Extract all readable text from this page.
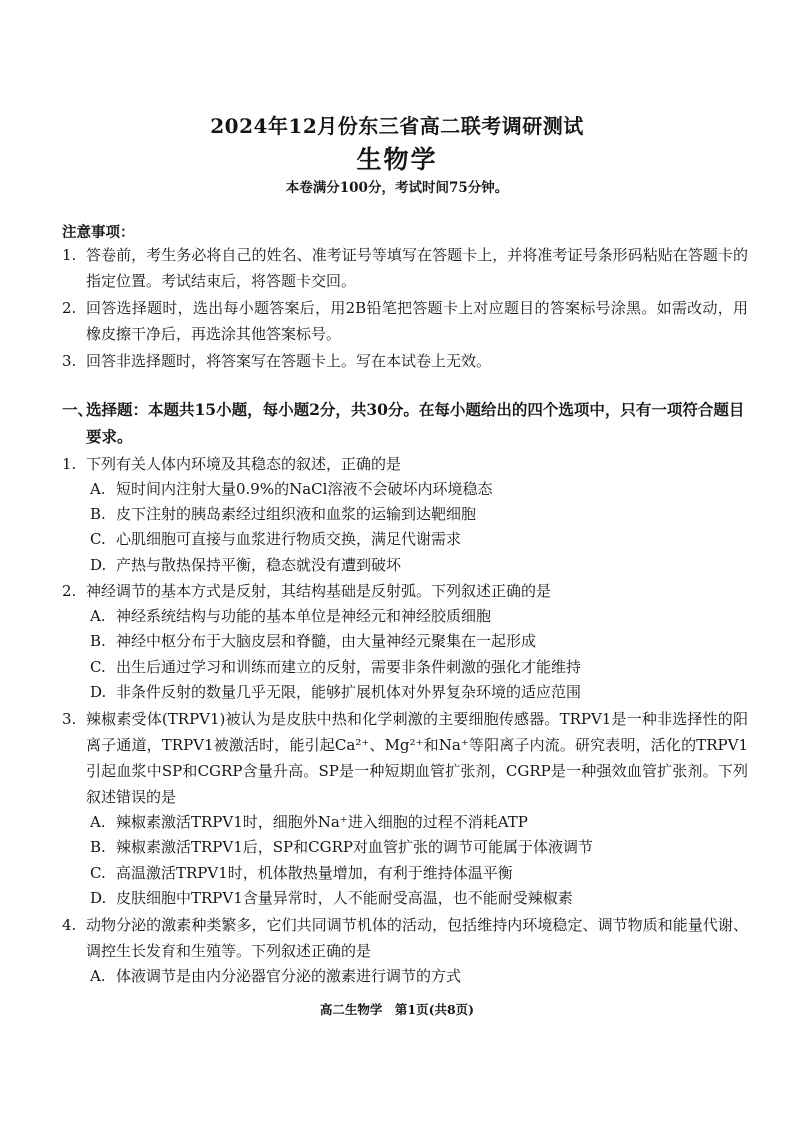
2024年12月份东三省高二联考调研测试
生物学
本卷满分100分，考试时间75分钟。
注意事项：
1. 答卷前，考生务必将自己的姓名、准考证号等填写在答题卡上，并将准考证号条形码粘贴在答题卡的指定位置。考试结束后，将答题卡交回。
2. 回答选择题时，选出每小题答案后，用2B铅笔把答题卡上对应题目的答案标号涂黑。如需改动，用橡皮擦干净后，再选涂其他答案标号。
3. 回答非选择题时，将答案写在答题卡上。写在本试卷上无效。
一、
选择题：本题共15小题，每小题2分，共30分。在每小题给出的四个选项中，只有一项符合题目要求。
1. 下列有关人体内环境及其稳态的叙述，正确的是
A. 短时间内注射大量0.9%的NaCl溶液不会破坏内环境稳态
B. 皮下注射的胰岛素经过组织液和血浆的运输到达靶细胞
C. 心肌细胞可直接与血浆进行物质交换，满足代谢需求
D. 产热与散热保持平衡，稳态就没有遭到破坏
2. 神经调节的基本方式是反射，其结构基础是反射弧。下列叙述正确的是
A. 神经系统结构与功能的基本单位是神经元和神经胶质细胞
B. 神经中枢分布于大脑皮层和脊髓，由大量神经元聚集在一起形成
C. 出生后通过学习和训练而建立的反射，需要非条件刺激的强化才能维持
D. 非条件反射的数量几乎无限，能够扩展机体对外界复杂环境的适应范围
3. 辣椒素受体(TRPV1)被认为是皮肤中热和化学刺激的主要细胞传感器。TRPV1是一种非选择性的阳离子通道，TRPV1被激活时，能引起Ca²⁺、Mg²⁺和Na⁺等阳离子内流。研究表明，活化的TRPV1引起血浆中SP和CGRP含量升高。SP是一种短期血管扩张剂，CGRP是一种强效血管扩张剂。下列叙述错误的是
A. 辣椒素激活TRPV1时，细胞外Na⁺进入细胞的过程不消耗ATP
B. 辣椒素激活TRPV1后，SP和CGRP对血管扩张的调节可能属于体液调节
C. 高温激活TRPV1时，机体散热量增加，有利于维持体温平衡
D. 皮肤细胞中TRPV1含量异常时，人不能耐受高温，也不能耐受辣椒素
4. 动物分泌的激素种类繁多，它们共同调节机体的活动，包括维持内环境稳定、调节物质和能量代谢、调控生长发育和生殖等。下列叙述正确的是
A. 体液调节是由内分泌器官分泌的激素进行调节的方式
高二生物学　第1页(共8页)
